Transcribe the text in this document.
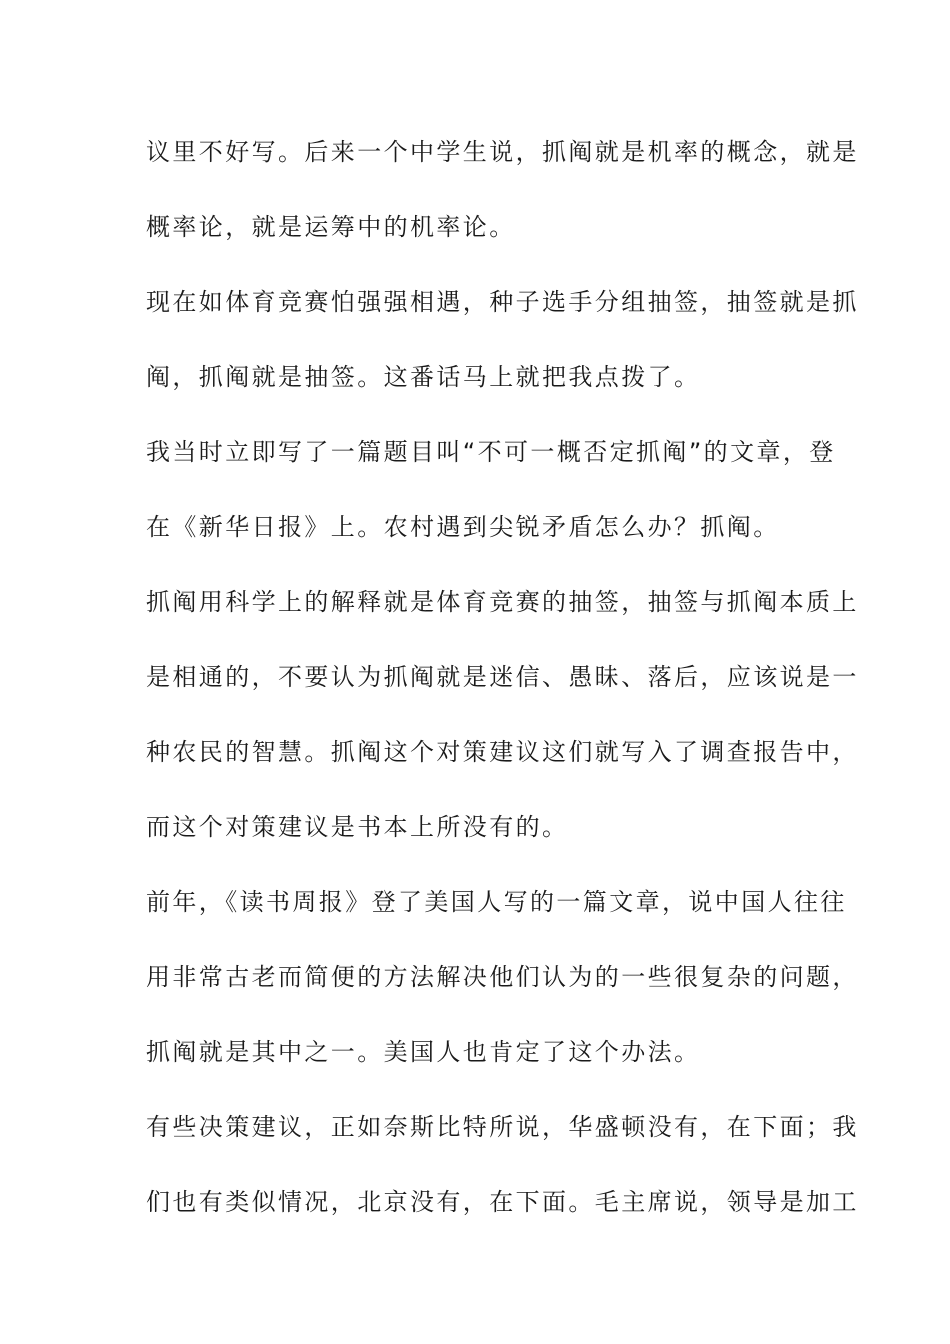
议里不好写。后来一个中学生说，抓阄就是机率的概念，就是
概率论，就是运筹中的机率论。
现在如体育竞赛怕强强相遇，种子选手分组抽签，抽签就是抓
阄，抓阄就是抽签。这番话马上就把我点拨了。
我当时立即写了一篇题目叫“不可一概否定抓阄”的文章，登
在《新华日报》上。农村遇到尖锐矛盾怎么办？抓阄。
抓阄用科学上的解释就是体育竞赛的抽签，抽签与抓阄本质上
是相通的，不要认为抓阄就是迷信、愚昧、落后，应该说是一
种农民的智慧。抓阄这个对策建议这们就写入了调查报告中，
而这个对策建议是书本上所没有的。
前年，《读书周报》登了美国人写的一篇文章，说中国人往往
用非常古老而简便的方法解决他们认为的一些很复杂的问题，
抓阄就是其中之一。美国人也肯定了这个办法。
有些决策建议，正如奈斯比特所说，华盛顿没有，在下面；我
们也有类似情况，北京没有，在下面。毛主席说，领导是加工
